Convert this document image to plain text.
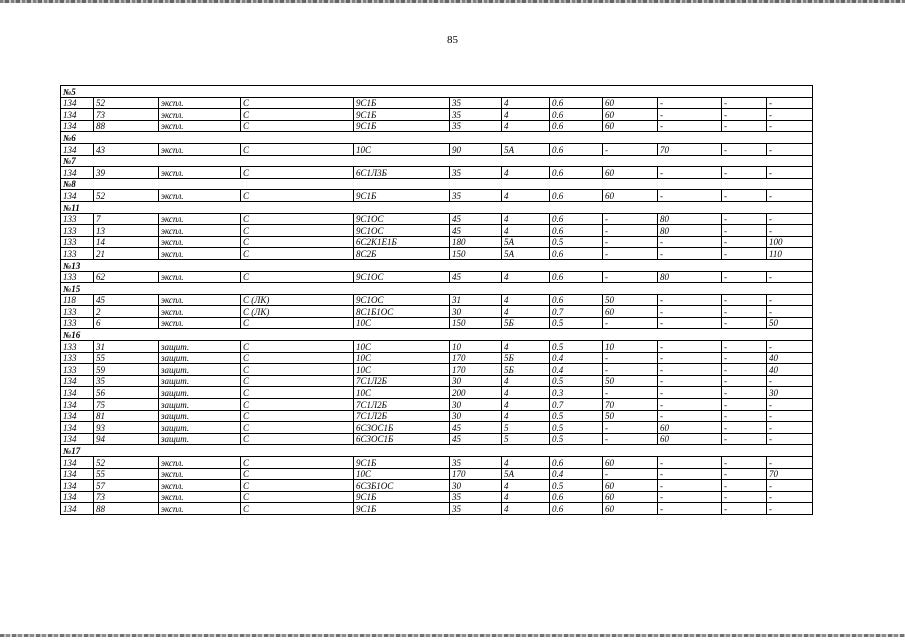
85
№5											
134	52	экспл.	С	9С1Б	35	4	0.6	60	-	-	-
134	73	экспл.	С	9С1Б	35	4	0.6	60	-	-	-
134	88	экспл.	С	9С1Б	35	4	0.6	60	-	-	-
№6											
134	43	экспл.	С	10С	90	5А	0.6	-	70	-	-
№7											
134	39	экспл.	С	6С1Л3Б	35	4	0.6	60	-	-	-
№8											
134	52	экспл.	С	9С1Б	35	4	0.6	60	-	-	-
№11											
133	7	экспл.	С	9С1ОС	45	4	0.6	-	80	-	-
133	13	экспл.	С	9С1ОС	45	4	0.6	-	80	-	-
133	14	экспл.	С	6С2К1Е1Б	180	5А	0.5	-	-	-	100
133	21	экспл.	С	8С2Б	150	5А	0.6	-	-	-	110
№13											
133	62	экспл.	С	9С1ОС	45	4	0.6	-	80	-	-
№15											
118	45	экспл.	С (ЛК)	9С1ОС	31	4	0.6	50	-	-	-
133	2	экспл.	С (ЛК)	8С1Б1ОС	30	4	0.7	60	-	-	-
133	6	экспл.	С	10С	150	5Б	0.5	-	-	-	50
№16											
133	31	защит.	С	10С	10	4	0.5	10	-	-	-
133	55	защит.	С	10С	170	5Б	0.4	-	-	-	40
133	59	защит.	С	10С	170	5Б	0.4	-	-	-	40
134	35	защит.	С	7С1Л2Б	30	4	0.5	50	-	-	-
134	56	защит.	С	10С	200	4	0.3	-	-	-	30
134	75	защит.	С	7С1Л2Б	30	4	0.7	70	-	-	-
134	81	защит.	С	7С1Л2Б	30	4	0.5	50	-	-	-
134	93	защит.	С	6С3ОС1Б	45	5	0.5	-	60	-	-
134	94	защит.	С	6С3ОС1Б	45	5	0.5	-	60	-	-
№17											
134	52	экспл.	С	9С1Б	35	4	0.6	60	-	-	-
134	55	экспл.	С	10С	170	5А	0.4	-	-	-	70
134	57	экспл.	С	6С3Б1ОС	30	4	0.5	60	-	-	-
134	73	экспл.	С	9С1Б	35	4	0.6	60	-	-	-
134	88	экспл.	С	9С1Б	35	4	0.6	60	-	-	-
